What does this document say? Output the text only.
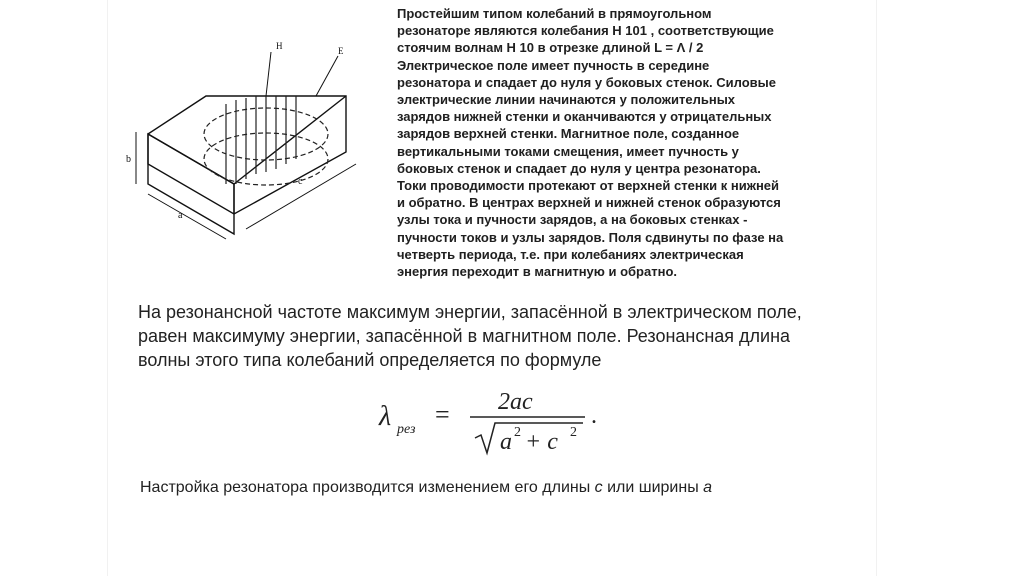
H	E
b
a
c
Простейшим типом колебаний в прямоугольном
резонаторе являются колебания H 101 , соответствующие
стоячим волнам H 10 в отрезке длиной L = Λ / 2
Электрическое поле имеет пучность в середине
резонатора и спадает до нуля у боковых стенок. Силовые
электрические линии начинаются у положительных
зарядов нижней стенки и оканчиваются у отрицательных
зарядов верхней стенки. Магнитное поле, созданное
вертикальными токами смещения, имеет пучность у
боковых стенок и спадает до нуля у центра резонатора.
Токи проводимости протекают от верхней стенки к нижней
и обратно. В центрах верхней и нижней стенок образуются
узлы тока и пучности зарядов, а на боковых стенках -
пучности токов и узлы зарядов. Поля сдвинуты по фазе на
четверть периода, т.е. при колебаниях электрическая
энергия переходит в магнитную и обратно.
На резонансной частоте максимум энергии, запасённой в электрическом поле,
равен максимуму энергии, запасённой в магнитном поле. Резонансная длина
волны этого типа колебаний определяется по формуле
λ рез
= 2ac
a 2 + c 2
.
Настройка резонатора производится изменением его длины с или ширины а
